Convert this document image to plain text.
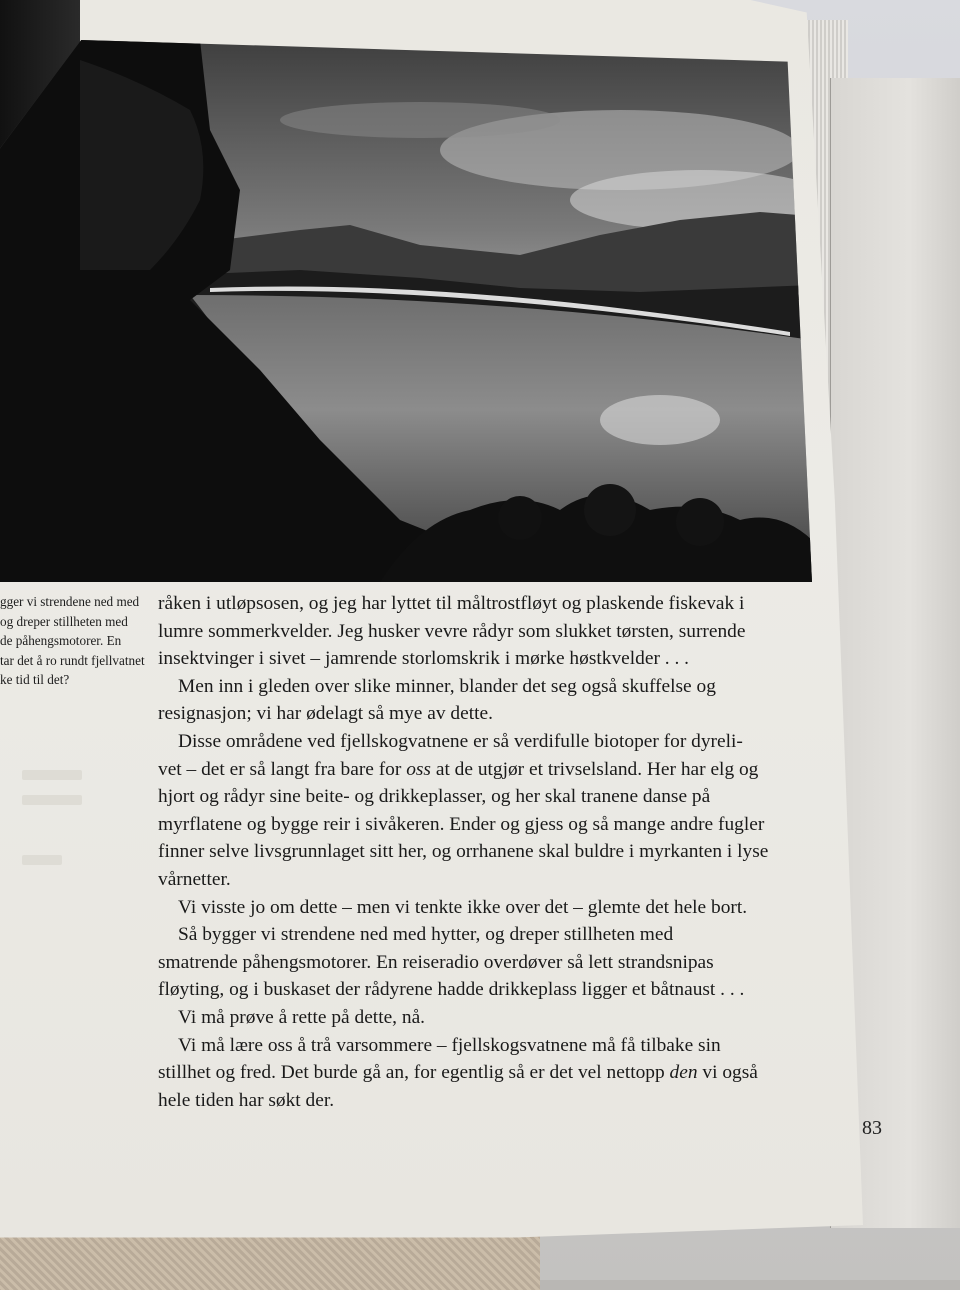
gger vi strendene ned med
og dreper stillheten med
de påhengsmotorer. En
tar det å ro rundt fjellvatnet
ke tid til det?
råken i utløpsosen, og jeg har lyttet til måltrostfløyt og plaskende fiskevak i
lumre sommerkvelder. Jeg husker vevre rådyr som slukket tørsten, surrende
insektvinger i sivet – jamrende storlomskrik i mørke høstkvelder . . .
Men inn i gleden over slike minner, blander det seg også skuffelse og
resignasjon; vi har ødelagt så mye av dette.
Disse områdene ved fjellskogvatnene er så verdifulle biotoper for dyreli-
vet – det er så langt fra bare for oss at de utgjør et trivselsland. Her har elg og
hjort og rådyr sine beite- og drikkeplasser, og her skal tranene danse på
myrflatene og bygge reir i sivåkeren. Ender og gjess og så mange andre fugler
finner selve livsgrunnlaget sitt her, og orrhanene skal buldre i myrkanten i lyse
vårnetter.
Vi visste jo om dette – men vi tenkte ikke over det – glemte det hele bort.
Så bygger vi strendene ned med hytter, og dreper stillheten med
smatrende påhengsmotorer. En reiseradio overdøver så lett strandsnipas
fløyting, og i buskaset der rådyrene hadde drikkeplass ligger et båtnaust . . .
Vi må prøve å rette på dette, nå.
Vi må lære oss å trå varsommere – fjellskogsvatnene må få tilbake sin
stillhet og fred. Det burde gå an, for egentlig så er det vel nettopp den vi også
hele tiden har søkt der.
83
